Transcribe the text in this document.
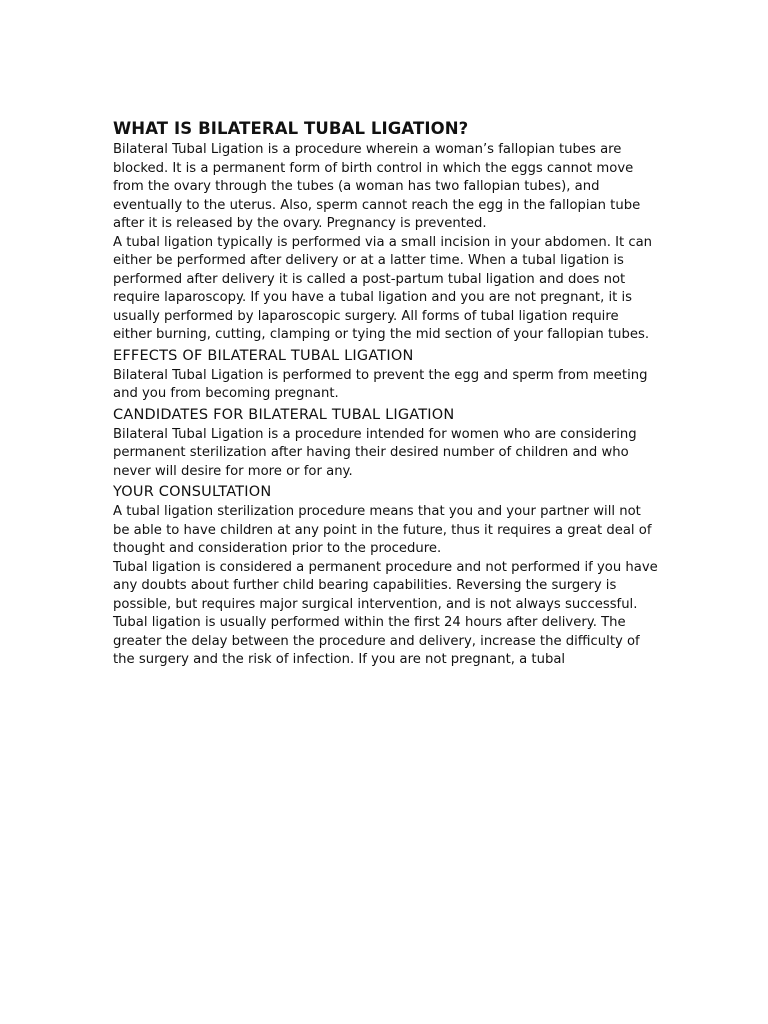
WHAT IS BILATERAL TUBAL LIGATION?

Bilateral Tubal Ligation is a procedure wherein a woman’s fallopian tubes are blocked. It is a permanent form of birth control in which the eggs cannot move from the ovary through the tubes (a woman has two fallopian tubes), and eventually to the uterus. Also, sperm cannot reach the egg in the fallopian tube after it is released by the ovary. Pregnancy is prevented.

A tubal ligation typically is performed via a small incision in your abdomen. It can either be performed after delivery or at a latter time. When a tubal ligation is performed after delivery it is called a post-partum tubal ligation and does not require laparoscopy. If you have a tubal ligation and you are not pregnant, it is usually performed by laparoscopic surgery. All forms of tubal ligation require either burning, cutting, clamping or tying the mid section of your fallopian tubes.

EFFECTS OF BILATERAL TUBAL LIGATION

Bilateral Tubal Ligation is performed to prevent the egg and sperm from meeting and you from becoming pregnant.

CANDIDATES FOR BILATERAL TUBAL LIGATION

Bilateral Tubal Ligation is a procedure intended for women who are considering permanent sterilization after having their desired number of children and who never will desire for more or for any.

YOUR CONSULTATION

A tubal ligation sterilization procedure means that you and your partner will not be able to have children at any point in the future, thus it requires a great deal of thought and consideration prior to the procedure.

Tubal ligation is considered a permanent procedure and not performed if you have any doubts about further child bearing capabilities. Reversing the surgery is possible, but requires major surgical intervention, and is not always successful.

Tubal ligation is usually performed within the first 24 hours after delivery. The greater the delay between the procedure and delivery, increase the difficulty of the surgery and the risk of infection. If you are not pregnant, a tubal
